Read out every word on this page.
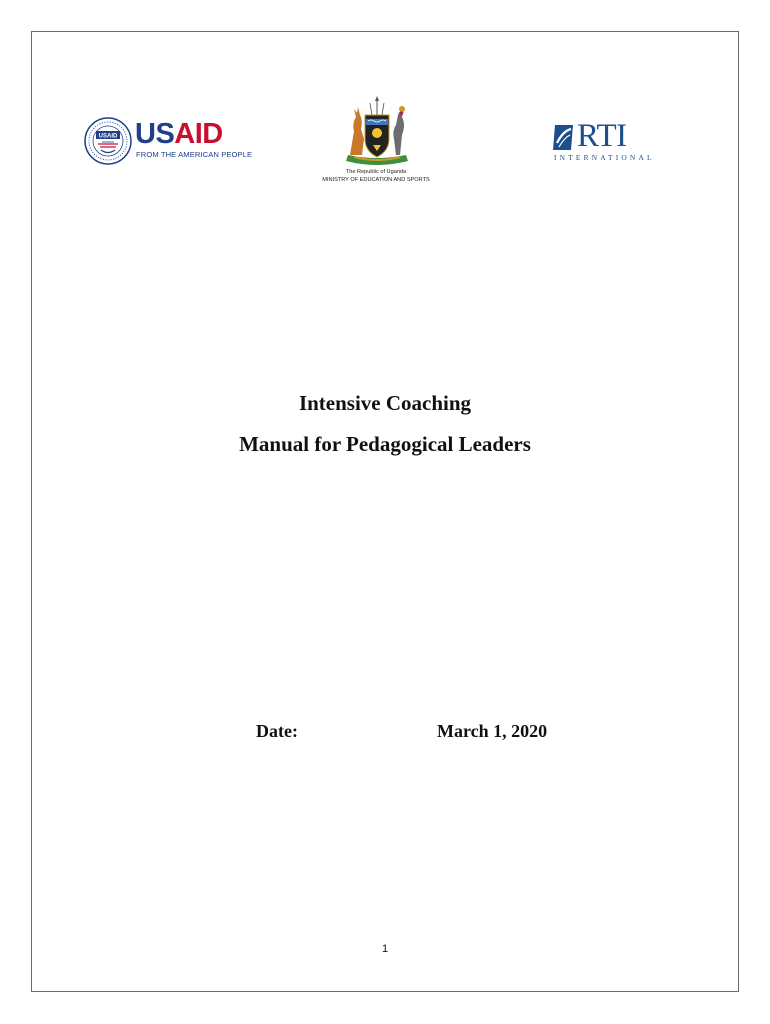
USAID USAID
FROM THE AMERICAN PEOPLE
The Republic of Uganda
MINISTRY OF EDUCATION AND SPORTS
RTI
INTERNATIONAL
Intensive Coaching
Manual for Pedagogical Leaders
Date:	March 1, 2020
1
